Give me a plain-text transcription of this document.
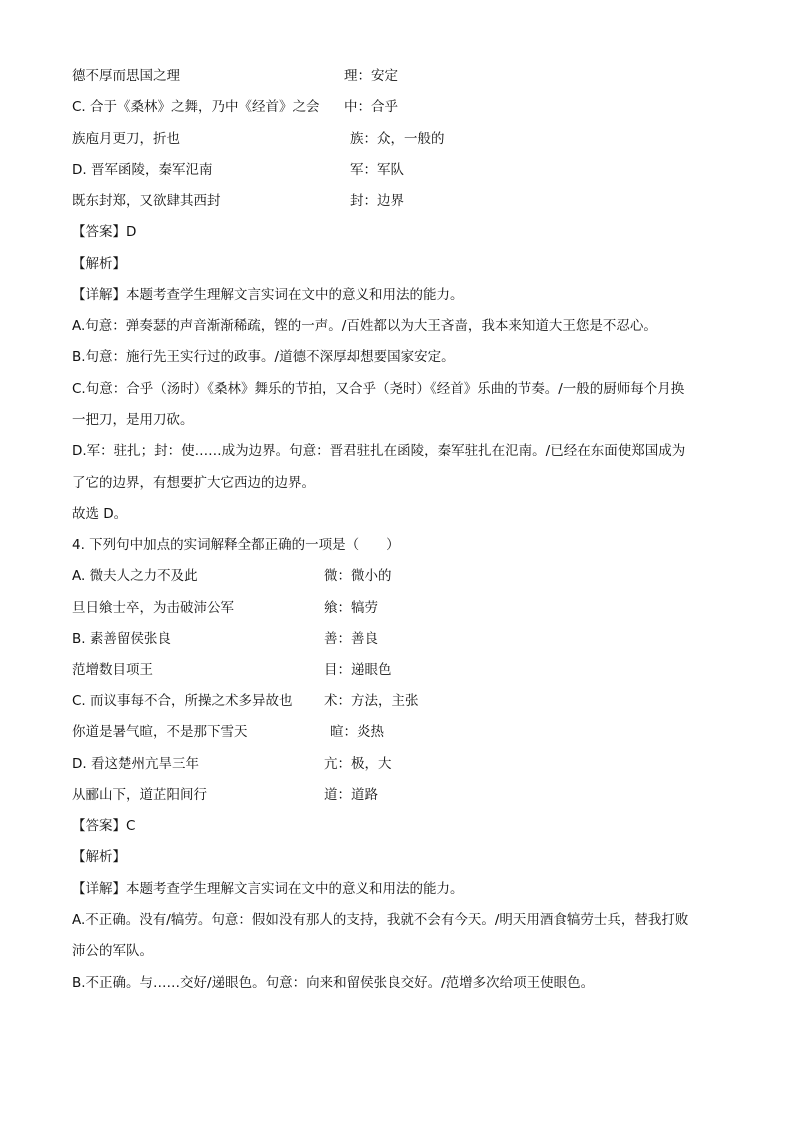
德不厚而思国之理	理：安定
C. 合于《桑林》之舞，乃中《经首》之会 中：合乎
族庖月更刀，折也	族：众，一般的
D. 晋军函陵，秦军氾南	军：军队
既东封郑，又欲肆其西封	封：边界
【答案】D
【解析】
【详解】本题考查学生理解文言实词在文中的意义和用法的能力。
A.句意：弹奏瑟的声音渐渐稀疏，铿的一声。/百姓都以为大王吝啬，我本来知道大王您是不忍心。
B.句意：施行先王实行过的政事。/道德不深厚却想要国家安定。
C.句意：合乎（汤时）《桑林》舞乐的节拍，又合乎（尧时）《经首》乐曲的节奏。/一般的厨师每个月换
一把刀，是用刀砍。
D.军：驻扎；封：使……成为边界。句意：晋君驻扎在函陵，秦军驻扎在氾南。/已经在东面使郑国成为
了它的边界，有想要扩大它西边的边界。
故选 D。
4. 下列句中加点的实词解释全都正确的一项是（　　）
A. 微夫人之力不及此	微：微小的
旦日飨士卒，为击破沛公军	飨：犒劳
B. 素善留侯张良	善：善良
范增数目项王	目：递眼色
C. 而议事每不合，所操之术多异故也 术：方法，主张
你道是暑气暄，不是那下雪天	暄：炎热
D. 看这楚州亢旱三年	亢：极，大
从郦山下，道芷阳间行	道：道路
【答案】C
【解析】
【详解】本题考查学生理解文言实词在文中的意义和用法的能力。
A.不正确。没有/犒劳。句意：假如没有那人的支持，我就不会有今天。/明天用酒食犒劳士兵，替我打败
沛公的军队。
B.不正确。与……交好/递眼色。句意：向来和留侯张良交好。/范增多次给项王使眼色。
